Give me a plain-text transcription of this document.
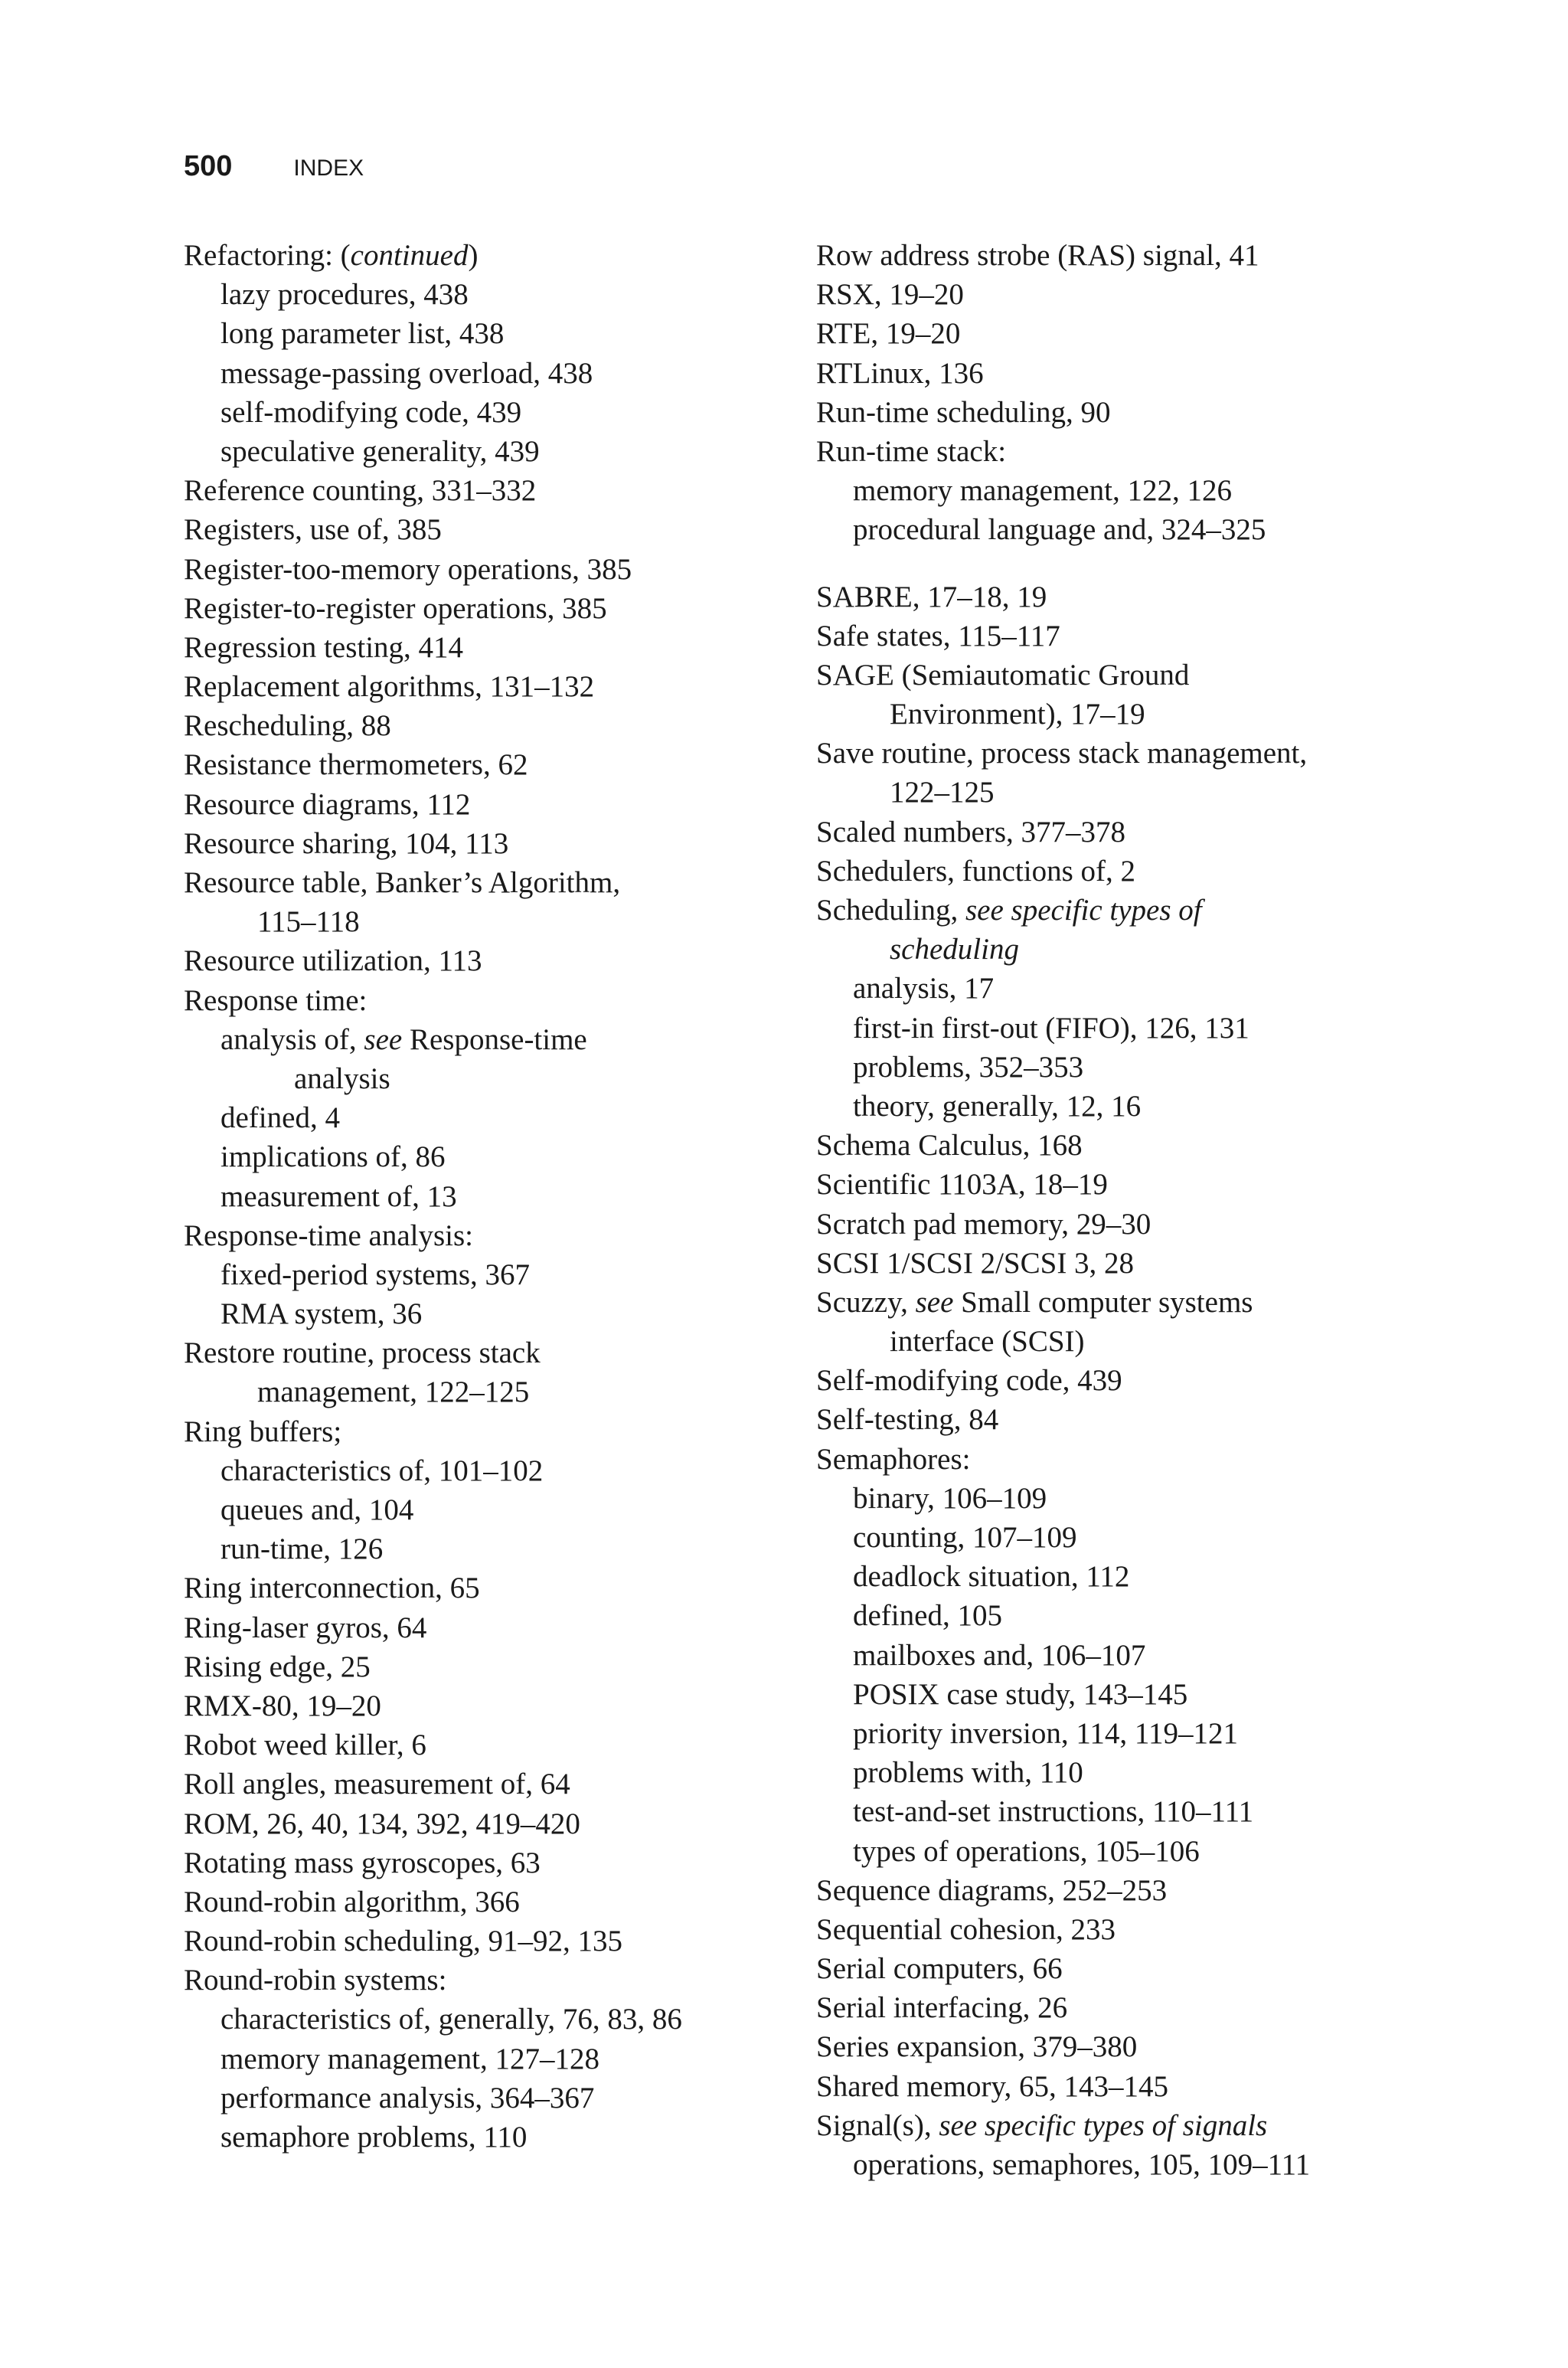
500	INDEX
Refactoring: (continued)
lazy procedures, 438
long parameter list, 438
message-passing overload, 438
self-modifying code, 439
speculative generality, 439
Reference counting, 331–332
Registers, use of, 385
Register-too-memory operations, 385
Register-to-register operations, 385
Regression testing, 414
Replacement algorithms, 131–132
Rescheduling, 88
Resistance thermometers, 62
Resource diagrams, 112
Resource sharing, 104, 113
Resource table, Banker’s Algorithm,
115–118
Resource utilization, 113
Response time:
analysis of, see Response-time
analysis
defined, 4
implications of, 86
measurement of, 13
Response-time analysis:
fixed-period systems, 367
RMA system, 36
Restore routine, process stack
management, 122–125
Ring buffers;
characteristics of, 101–102
queues and, 104
run-time, 126
Ring interconnection, 65
Ring-laser gyros, 64
Rising edge, 25
RMX-80, 19–20
Robot weed killer, 6
Roll angles, measurement of, 64
ROM, 26, 40, 134, 392, 419–420
Rotating mass gyroscopes, 63
Round-robin algorithm, 366
Round-robin scheduling, 91–92, 135
Round-robin systems:
characteristics of, generally, 76, 83, 86
memory management, 127–128
performance analysis, 364–367
semaphore problems, 110
Row address strobe (RAS) signal, 41
RSX, 19–20
RTE, 19–20
RTLinux, 136
Run-time scheduling, 90
Run-time stack:
memory management, 122, 126
procedural language and, 324–325
SABRE, 17–18, 19
Safe states, 115–117
SAGE (Semiautomatic Ground
Environment), 17–19
Save routine, process stack management,
122–125
Scaled numbers, 377–378
Schedulers, functions of, 2
Scheduling, see specific types of
scheduling
analysis, 17
first-in first-out (FIFO), 126, 131
problems, 352–353
theory, generally, 12, 16
Schema Calculus, 168
Scientific 1103A, 18–19
Scratch pad memory, 29–30
SCSI 1/SCSI 2/SCSI 3, 28
Scuzzy, see Small computer systems
interface (SCSI)
Self-modifying code, 439
Self-testing, 84
Semaphores:
binary, 106–109
counting, 107–109
deadlock situation, 112
defined, 105
mailboxes and, 106–107
POSIX case study, 143–145
priority inversion, 114, 119–121
problems with, 110
test-and-set instructions, 110–111
types of operations, 105–106
Sequence diagrams, 252–253
Sequential cohesion, 233
Serial computers, 66
Serial interfacing, 26
Series expansion, 379–380
Shared memory, 65, 143–145
Signal(s), see specific types of signals
operations, semaphores, 105, 109–111
